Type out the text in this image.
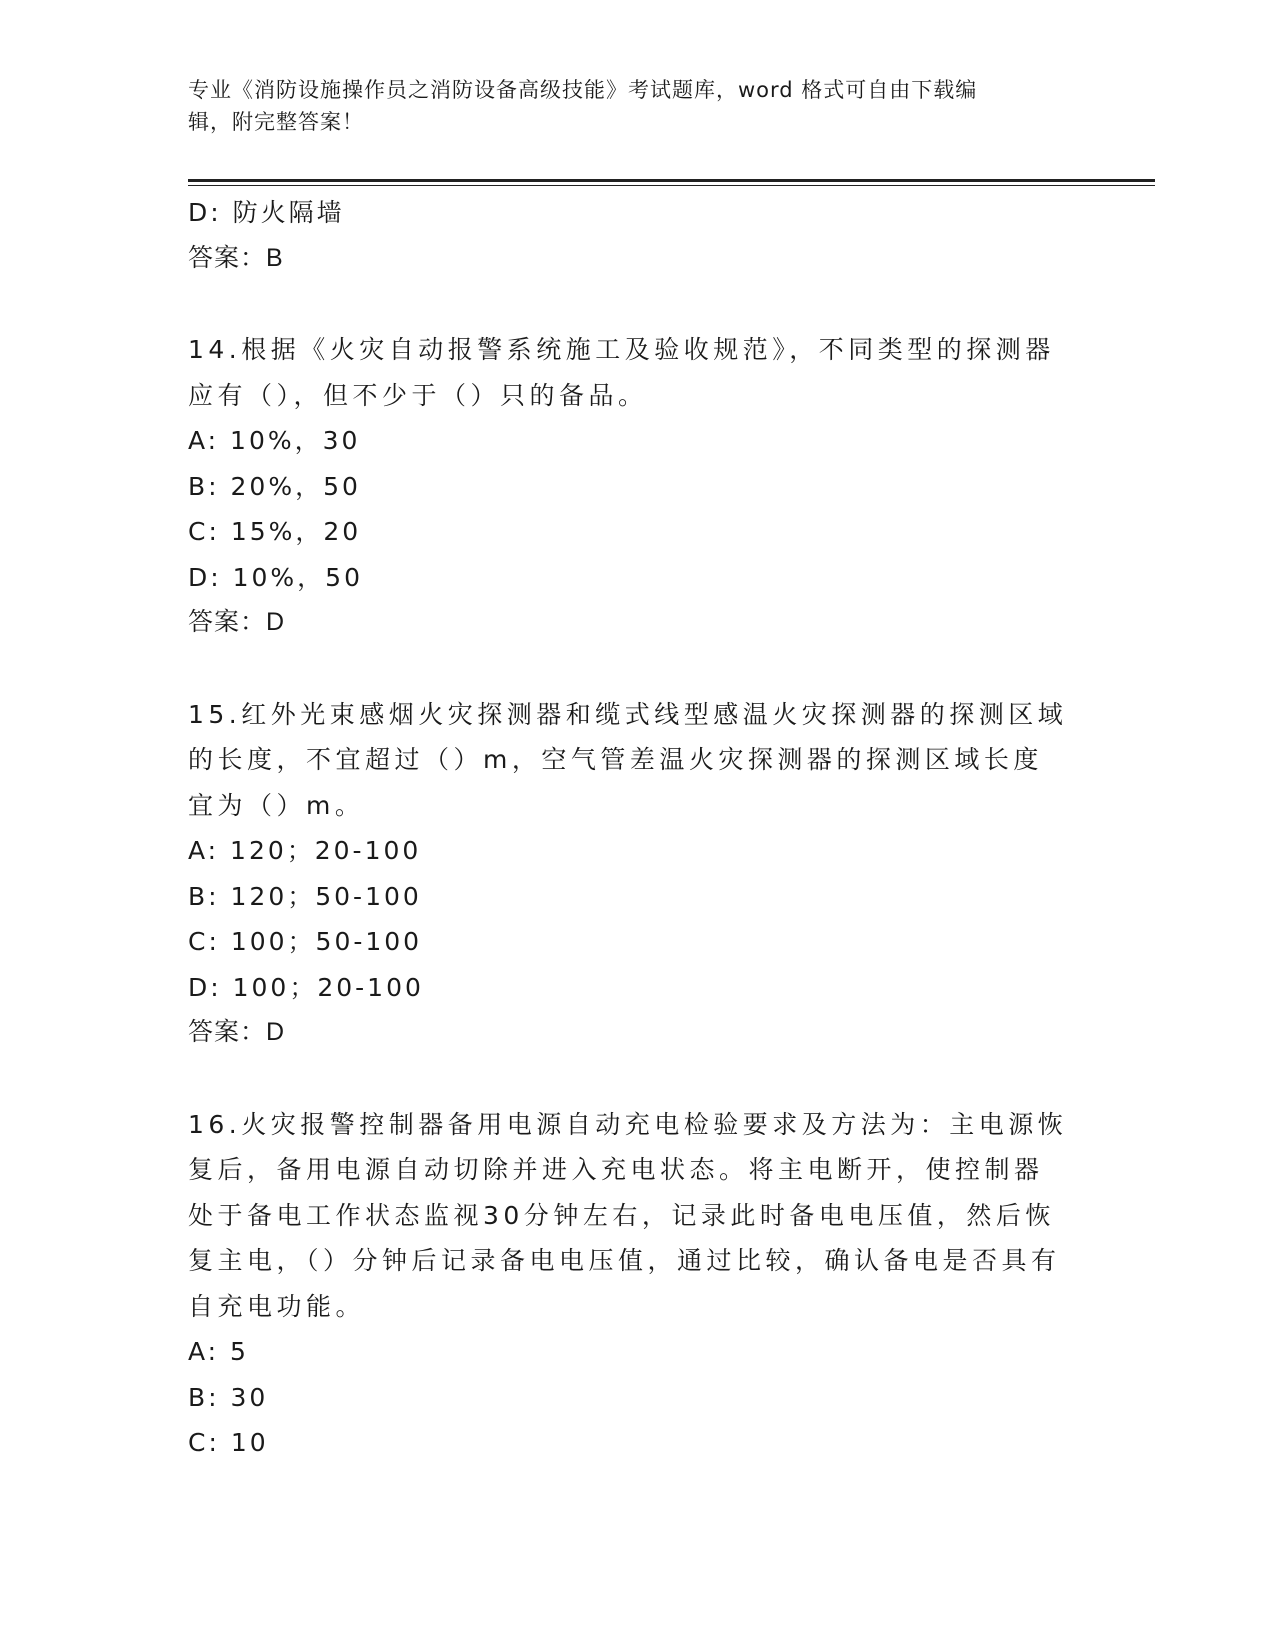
专业《消防设施操作员之消防设备高级技能》考试题库，word 格式可自由下载编
辑，附完整答案！
D: 防火隔墙
答案：B
14.根据《火灾自动报警系统施工及验收规范》，不同类型的探测器应有（），但不少于（）只的备品。
A: 10%，30
B: 20%，50
C: 15%，20
D: 10%，50
答案：D
15.红外光束感烟火灾探测器和缆式线型感温火灾探测器的探测区域的长度，不宜超过（）m，空气管差温火灾探测器的探测区域长度宜为（）m。
A: 120；20-100
B: 120；50-100
C: 100；50-100
D: 100；20-100
答案：D
16.火灾报警控制器备用电源自动充电检验要求及方法为：主电源恢复后，备用电源自动切除并进入充电状态。将主电断开，使控制器处于备电工作状态监视30分钟左右，记录此时备电电压值，然后恢复主电，（）分钟后记录备电电压值，通过比较，确认备电是否具有自充电功能。
A: 5
B: 30
C: 10
